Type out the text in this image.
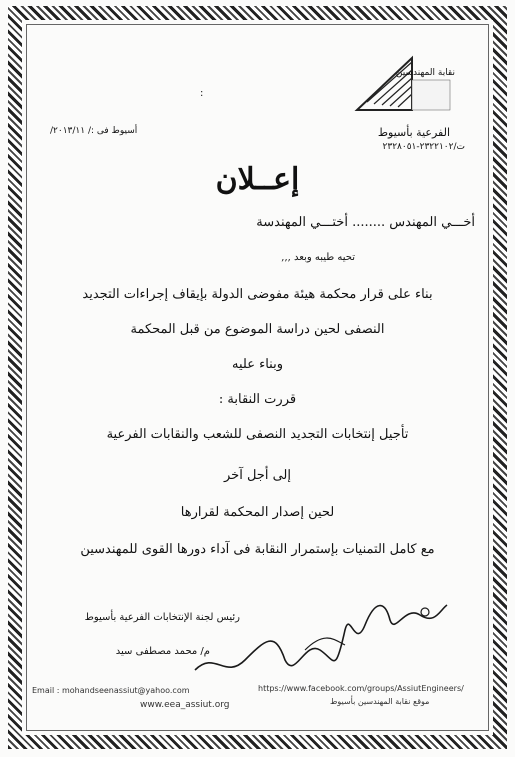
نقابة المهندسين
:
الفرعية بأسيوط
ت/٢٣٢٢١٠٢-٢٣٢٨٠٥١
أسيوط فى :/ ٢٠١٣/١١/
إعــلان
أخـــي المهندس ........ أختـــي المهندسة
تحيه طيبه وبعد ,,,
بناء على قرار محكمة هيئة مفوضى الدولة بإيقاف إجراءات التجديد
النصفى لحين دراسة الموضوع من قبل المحكمة
وبناء عليه
قررت النقابة :
تأجيل إنتخابات التجديد النصفى للشعب والنقابات الفرعية
إلى أجل آخر
لحين إصدار المحكمة لقرارها
مع كامل التمنيات بإستمرار النقابة فى آداء دورها القوى للمهندسين
رئيس لجنة الإنتخابات الفرعية بأسيوط
م/ محمد مصطفى سيد
Email : mohandseenassiut@yahoo.com
www.eea_assiut.org
https://www.facebook.com/groups/AssiutEngineers/
موقع نقابة المهندسين بأسيوط
